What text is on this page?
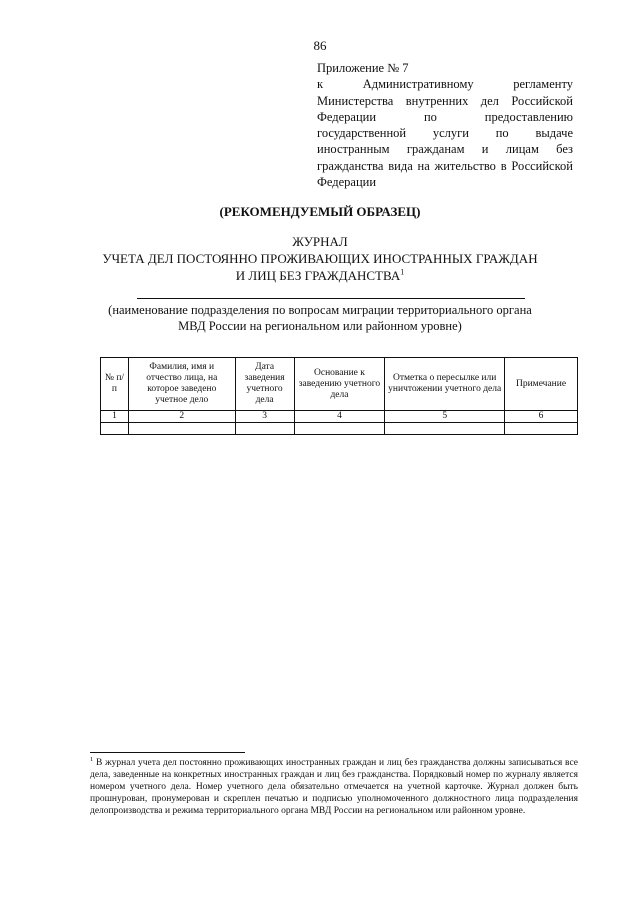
86
Приложение № 7
к Административному регламенту
Министерства внутренних дел Российской
Федерации по предоставлению
государственной услуги по выдаче
иностранным гражданам и лицам без
гражданства вида на жительство в Российской
Федерации
(РЕКОМЕНДУЕМЫЙ ОБРАЗЕЦ)
ЖУРНАЛ
УЧЕТА ДЕЛ ПОСТОЯННО ПРОЖИВАЮЩИХ ИНОСТРАННЫХ ГРАЖДАН
И ЛИЦ БЕЗ ГРАЖДАНСТВА$^1$
(наименование подразделения по вопросам миграции территориального органа
МВД России на региональном или районном уровне)
№ п/п	Фамилия, имя и отчество лица, на которое заведено учетное дело	Дата заведения учетного дела	Основание к заведению учетного дела	Отметка о пересылке или уничтожении учетного дела	Примечание
1	2	3	4	5	6

$^1$ В журнал учета дел постоянно проживающих иностранных граждан и лиц без гражданства должны записываться все дела, заведенные на конкретных иностранных граждан и лиц без гражданства. Порядковый номер по журналу является номером учетного дела. Номер учетного дела обязательно отмечается на учетной карточке. Журнал должен быть прошнурован, пронумерован и скреплен печатью и подписью уполномоченного должностного лица подразделения делопроизводства и режима территориального органа МВД России на региональном или районном уровне.
